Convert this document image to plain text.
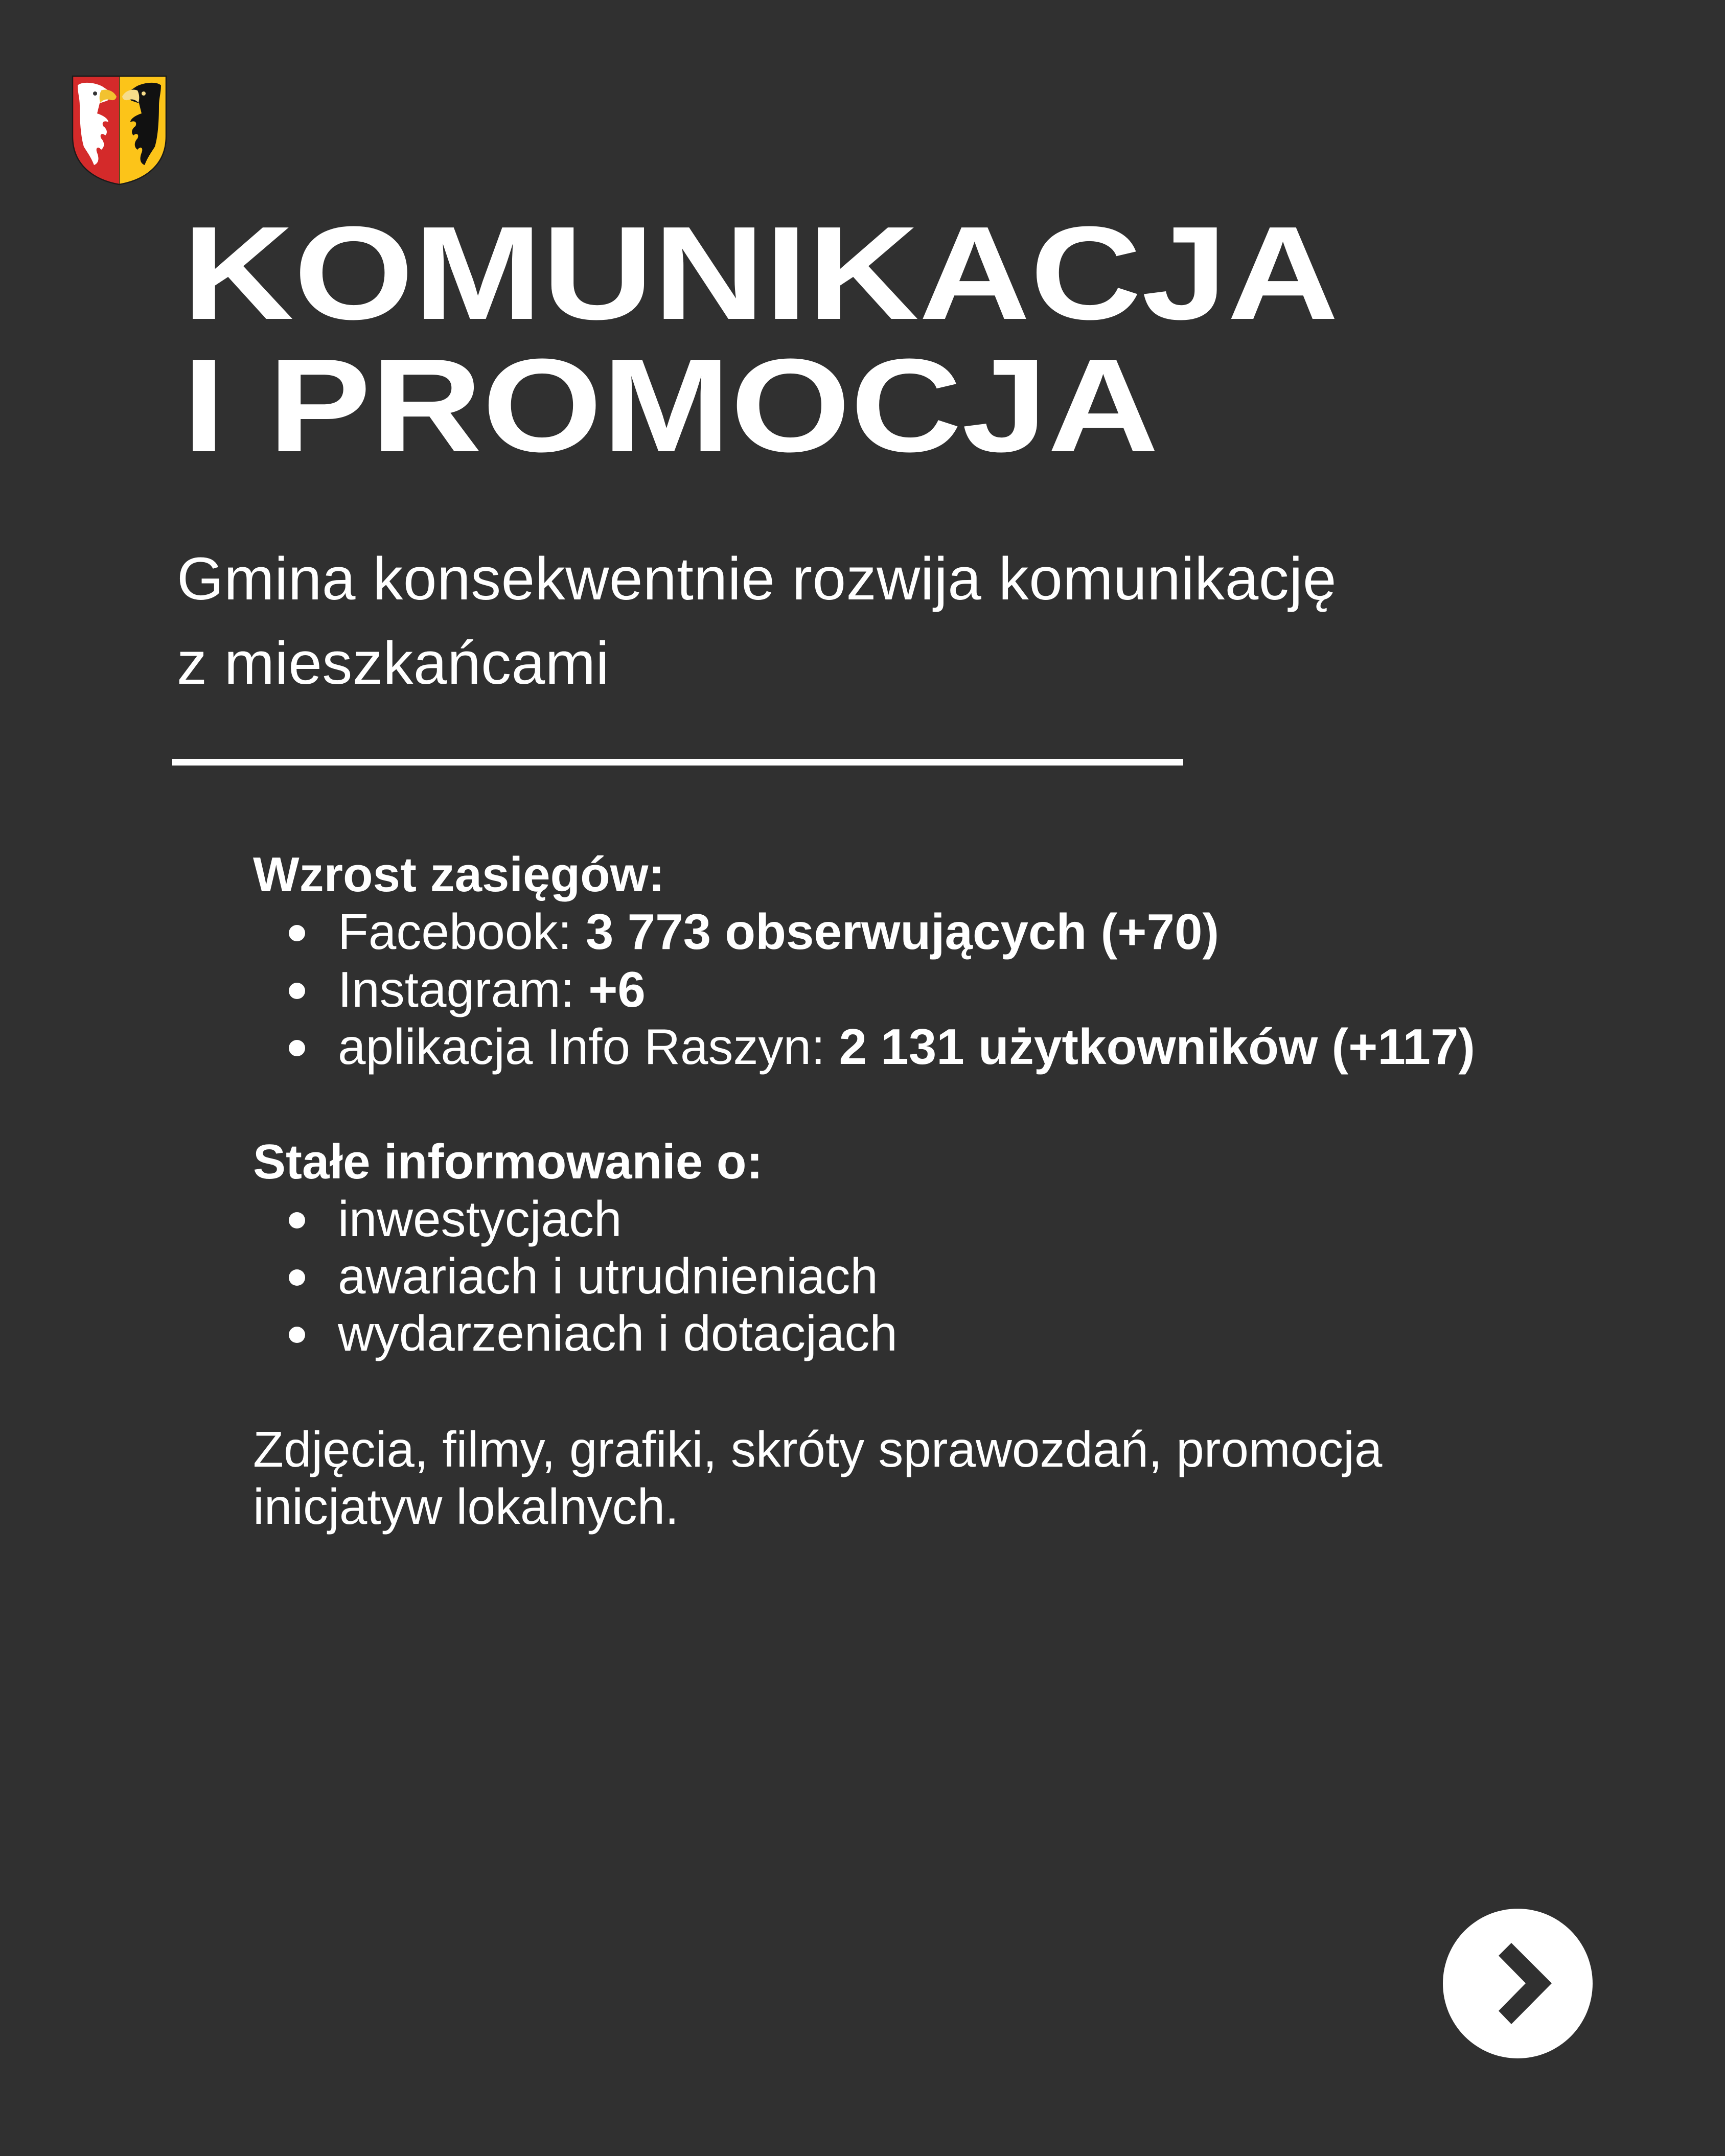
KOMUNIKACJA
I PROMOCJA
Gmina konsekwentnie rozwija komunikację
z mieszkańcami
Wzrost zasięgów:
Facebook: 3 773 obserwujących (+70)
Instagram: +6
aplikacja Info Raszyn: 2 131 użytkowników (+117)
Stałe informowanie o:
inwestycjach
awariach i utrudnieniach
wydarzeniach i dotacjach
Zdjęcia, filmy, grafiki, skróty sprawozdań, promocja
inicjatyw lokalnych.
